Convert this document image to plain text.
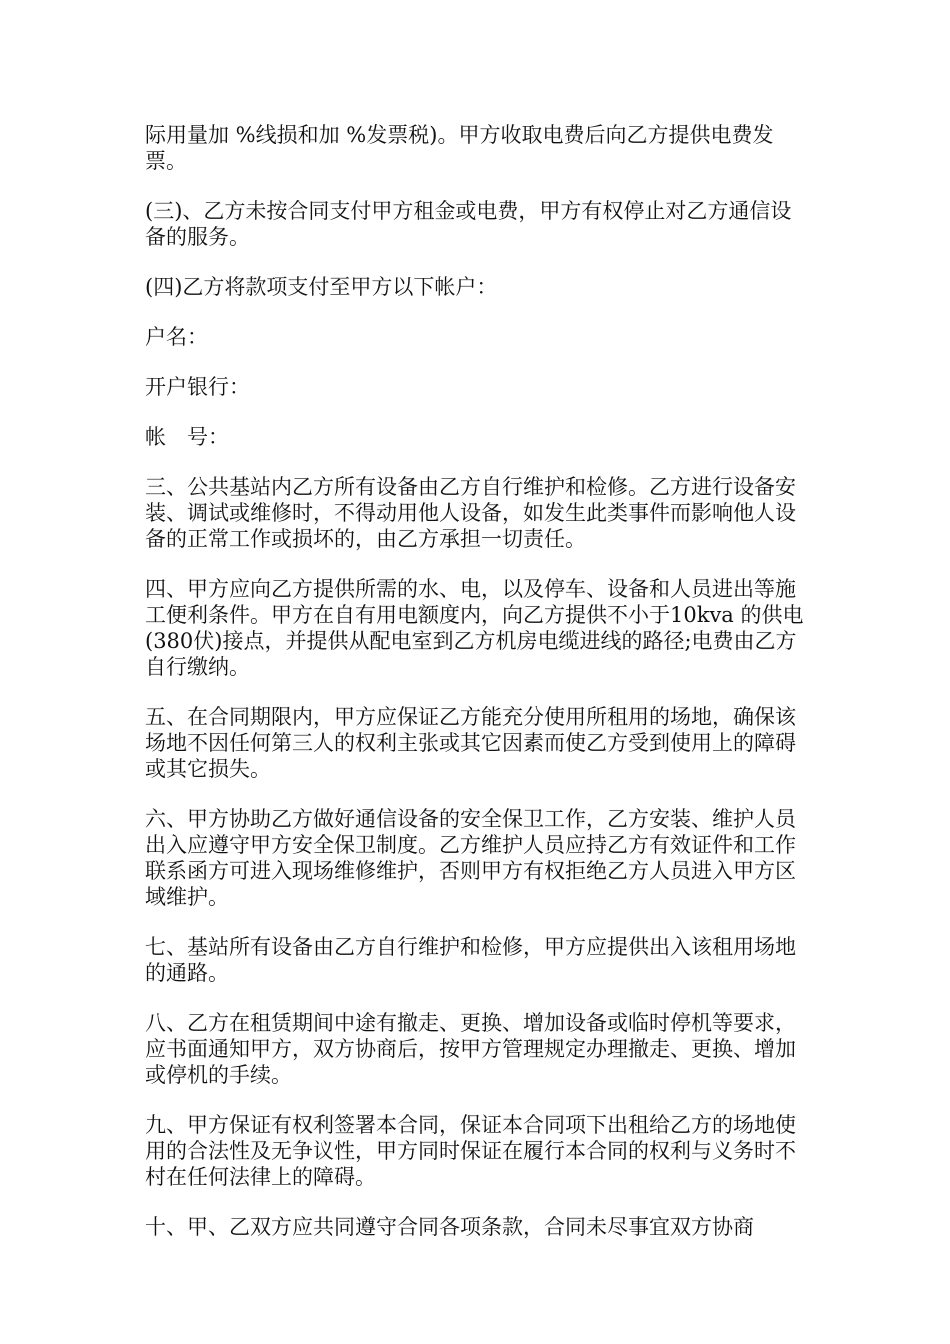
际用量加 %线损和加 %发票税)。甲方收取电费后向乙方提供电费发票。

(三)、乙方未按合同支付甲方租金或电费，甲方有权停止对乙方通信设备的服务。

(四)乙方将款项支付至甲方以下帐户：

户名：

开户银行：

帐　号：

三、公共基站内乙方所有设备由乙方自行维护和检修。乙方进行设备安装、调试或维修时，不得动用他人设备，如发生此类事件而影响他人设备的正常工作或损坏的，由乙方承担一切责任。

四、甲方应向乙方提供所需的水、电，以及停车、设备和人员进出等施工便利条件。甲方在自有用电额度内，向乙方提供不小于10kva 的供电(380伏)接点，并提供从配电室到乙方机房电缆进线的路径;电费由乙方自行缴纳。

五、在合同期限内，甲方应保证乙方能充分使用所租用的场地，确保该场地不因任何第三人的权利主张或其它因素而使乙方受到使用上的障碍或其它损失。

六、甲方协助乙方做好通信设备的安全保卫工作，乙方安装、维护人员出入应遵守甲方安全保卫制度。乙方维护人员应持乙方有效证件和工作联系函方可进入现场维修维护，否则甲方有权拒绝乙方人员进入甲方区域维护。

七、基站所有设备由乙方自行维护和检修，甲方应提供出入该租用场地的通路。

八、乙方在租赁期间中途有撤走、更换、增加设备或临时停机等要求，应书面通知甲方，双方协商后，按甲方管理规定办理撤走、更换、增加或停机的手续。

九、甲方保证有权利签署本合同，保证本合同项下出租给乙方的场地使用的合法性及无争议性，甲方同时保证在履行本合同的权利与义务时不村在任何法律上的障碍。

十、甲、乙双方应共同遵守合同各项条款，合同未尽事宜双方协商
